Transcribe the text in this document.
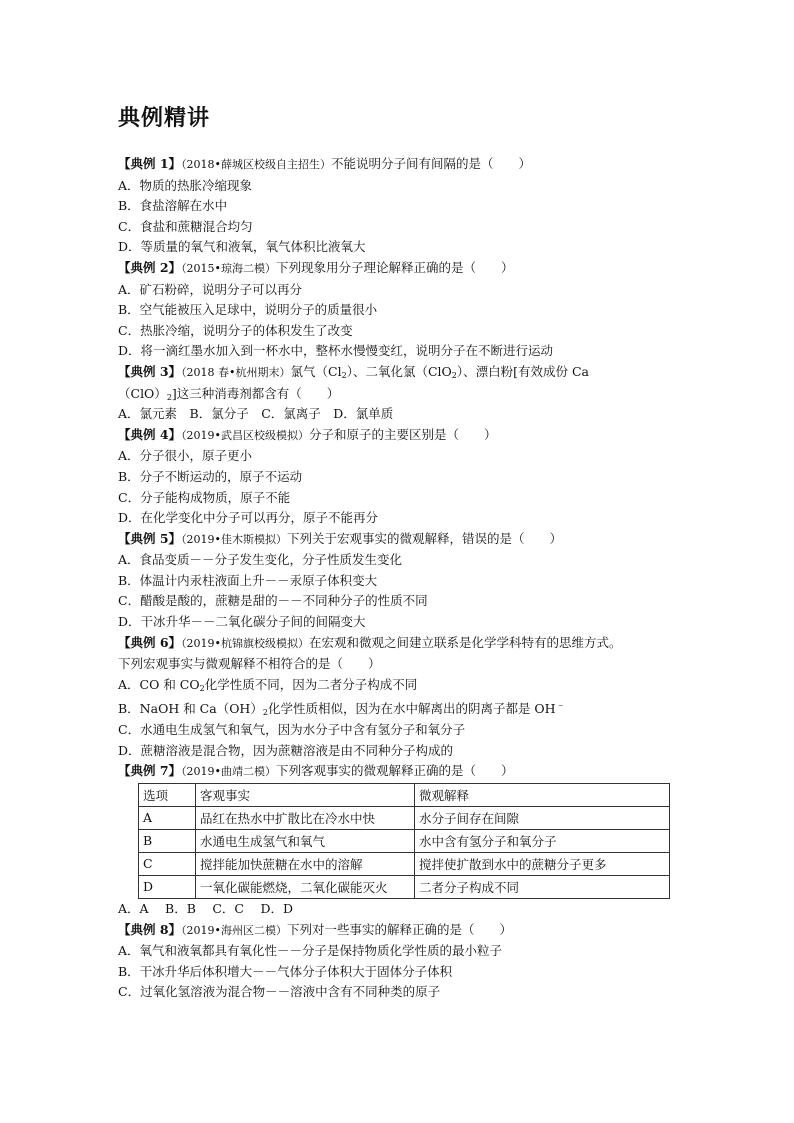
典例精讲
【典例 1】（2018•薛城区校级自主招生）不能说明分子间有间隔的是（　　）
A．物质的热胀冷缩现象
B．食盐溶解在水中
C．食盐和蔗糖混合均匀
D．等质量的氧气和液氧，氧气体积比液氧大
【典例 2】（2015•琼海二模）下列现象用分子理论解释正确的是（　　）
A．矿石粉碎，说明分子可以再分
B．空气能被压入足球中，说明分子的质量很小
C．热胀冷缩，说明分子的体积发生了改变
D．将一滴红墨水加入到一杯水中，整杯水慢慢变红，说明分子在不断进行运动
【典例 3】（2018 春•杭州期末）氯气$(Cl_2)$、二氧化氯（ClO$_2$）、漂白粉[有效成份 Ca
$(ClO)_2$]这三种消毒剂都含有（　　）
A．氯元素　B．氯分子　C．氯离子　D．氯单质
【典例 4】（2019•武昌区校级模拟）分子和原子的主要区别是（　　）
A．分子很小，原子更小
B．分子不断运动的，原子不运动
C．分子能构成物质，原子不能
D．在化学变化中分子可以再分，原子不能再分
【典例 5】（2019•佳木斯模拟）下列关于宏观事实的微观解释，错误的是（　　）
A．食品变质－－分子发生变化，分子性质发生变化
B．体温计内汞柱液面上升－－汞原子体积变大
C．醋酸是酸的，蔗糖是甜的－－不同种分子的性质不同
D．干冰升华－－二氧化碳分子间的间隔变大
【典例 6】（2019•杭锦旗校级模拟）在宏观和微观之间建立联系是化学学科特有的思维方式。
下列宏观事实与微观解释不相符合的是（　　）
A．CO 和 $CO_2$化学性质不同，因为二者分子构成不同
B．NaOH 和 $Ca(OH)_2$化学性质相似，因为在水中解离出的阴离子都是 OH﹣
C．水通电生成氢气和氧气，因为水分子中含有氢分子和氧分子
D．蔗糖溶液是混合物，因为蔗糖溶液是由不同种分子构成的
【典例 7】（2019•曲靖二模）下列客观事实的微观解释正确的是（　　）
选项	客观事实	微观解释
A	品红在热水中扩散比在冷水中快	水分子间存在间隙
B	水通电生成氢气和氧气	水中含有氢分子和氧分子
C	搅拌能加快蔗糖在水中的溶解	搅拌使扩散到水中的蔗糖分子更多
D	一氧化碳能燃烧，二氧化碳能灭火	二者分子构成不同
A．A　 B．B　 C．C　 D．D
【典例 8】（2019•海州区二模）下列对一些事实的解释正确的是（　　）
A．氧气和液氧都具有氧化性－－分子是保持物质化学性质的最小粒子
B．干冰升华后体积增大－－气体分子体积大于固体分子体积
C．过氧化氢溶液为混合物－－溶液中含有不同种类的原子
